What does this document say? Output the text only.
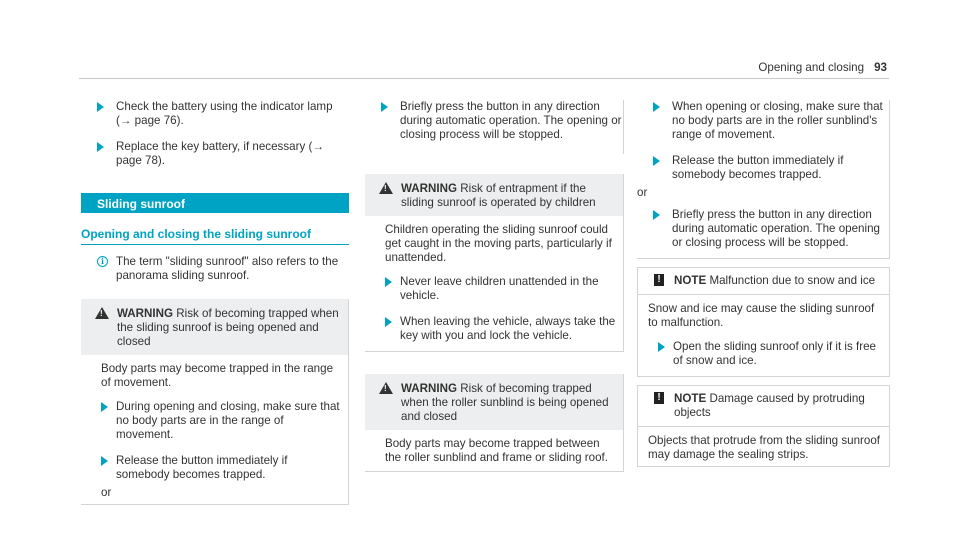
Opening and closing 93
Check the battery using the indicator lamp (→ page 76).
Replace the key battery, if necessary (→ page 78).
Sliding sunroof
Opening and closing the sliding sunroof
i	The term "sliding sunroof" also refers to the panorama sliding sunroof.
! WARNING Risk of becoming trapped when the sliding sunroof is being opened and closed
Body parts may become trapped in the range of movement.
During opening and closing, make sure that no body parts are in the range of movement.
Release the button immediately if somebody becomes trapped.
or
Briefly press the button in any direction during automatic operation. The opening or closing process will be stopped.
! WARNING Risk of entrapment if the sliding sunroof is operated by children
Children operating the sliding sunroof could get caught in the moving parts, particularly if unattended.
Never leave children unattended in the vehicle.
When leaving the vehicle, always take the key with you and lock the vehicle.
! WARNING Risk of becoming trapped when the roller sunblind is being opened and closed
Body parts may become trapped between the roller sunblind and frame or sliding roof.
When opening or closing, make sure that no body parts are in the roller sunblind's range of movement.
Release the button immediately if somebody becomes trapped.
or
Briefly press the button in any direction during automatic operation. The opening or closing process will be stopped.
! NOTE Malfunction due to snow and ice
Snow and ice may cause the sliding sunroof to malfunction.
Open the sliding sunroof only if it is free of snow and ice.
! NOTE Damage caused by protruding objects
Objects that protrude from the sliding sunroof may damage the sealing strips.
